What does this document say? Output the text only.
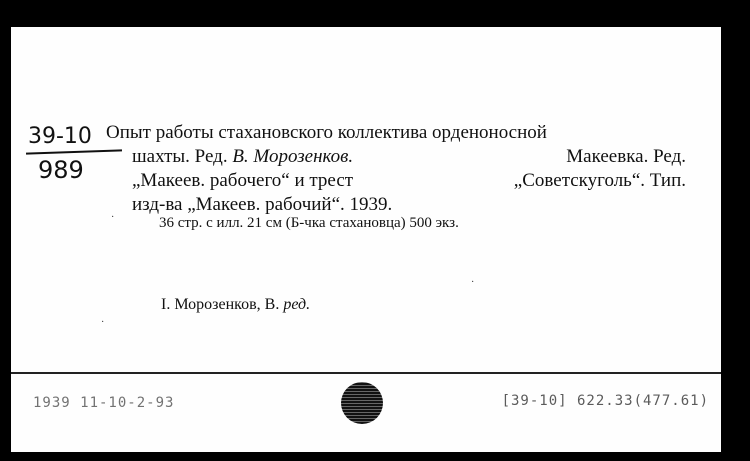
39-10
989
Опыт работы стахановского коллектива орденоносной
шахты. Ред. В. Морозенков.	Макеевка. Ред.
„Макеев. рабочего“ и трест	„Советскуголь“. Тип.
изд-ва „Макеев. рабочий“. 1939.
36 стр. с илл. 21 см (Б-чка стахановца) 500 экз.
I. Морозенков, В. ред.
1939 11-10-2-93	[39-10] 622.33(477.61)
·
·
·
